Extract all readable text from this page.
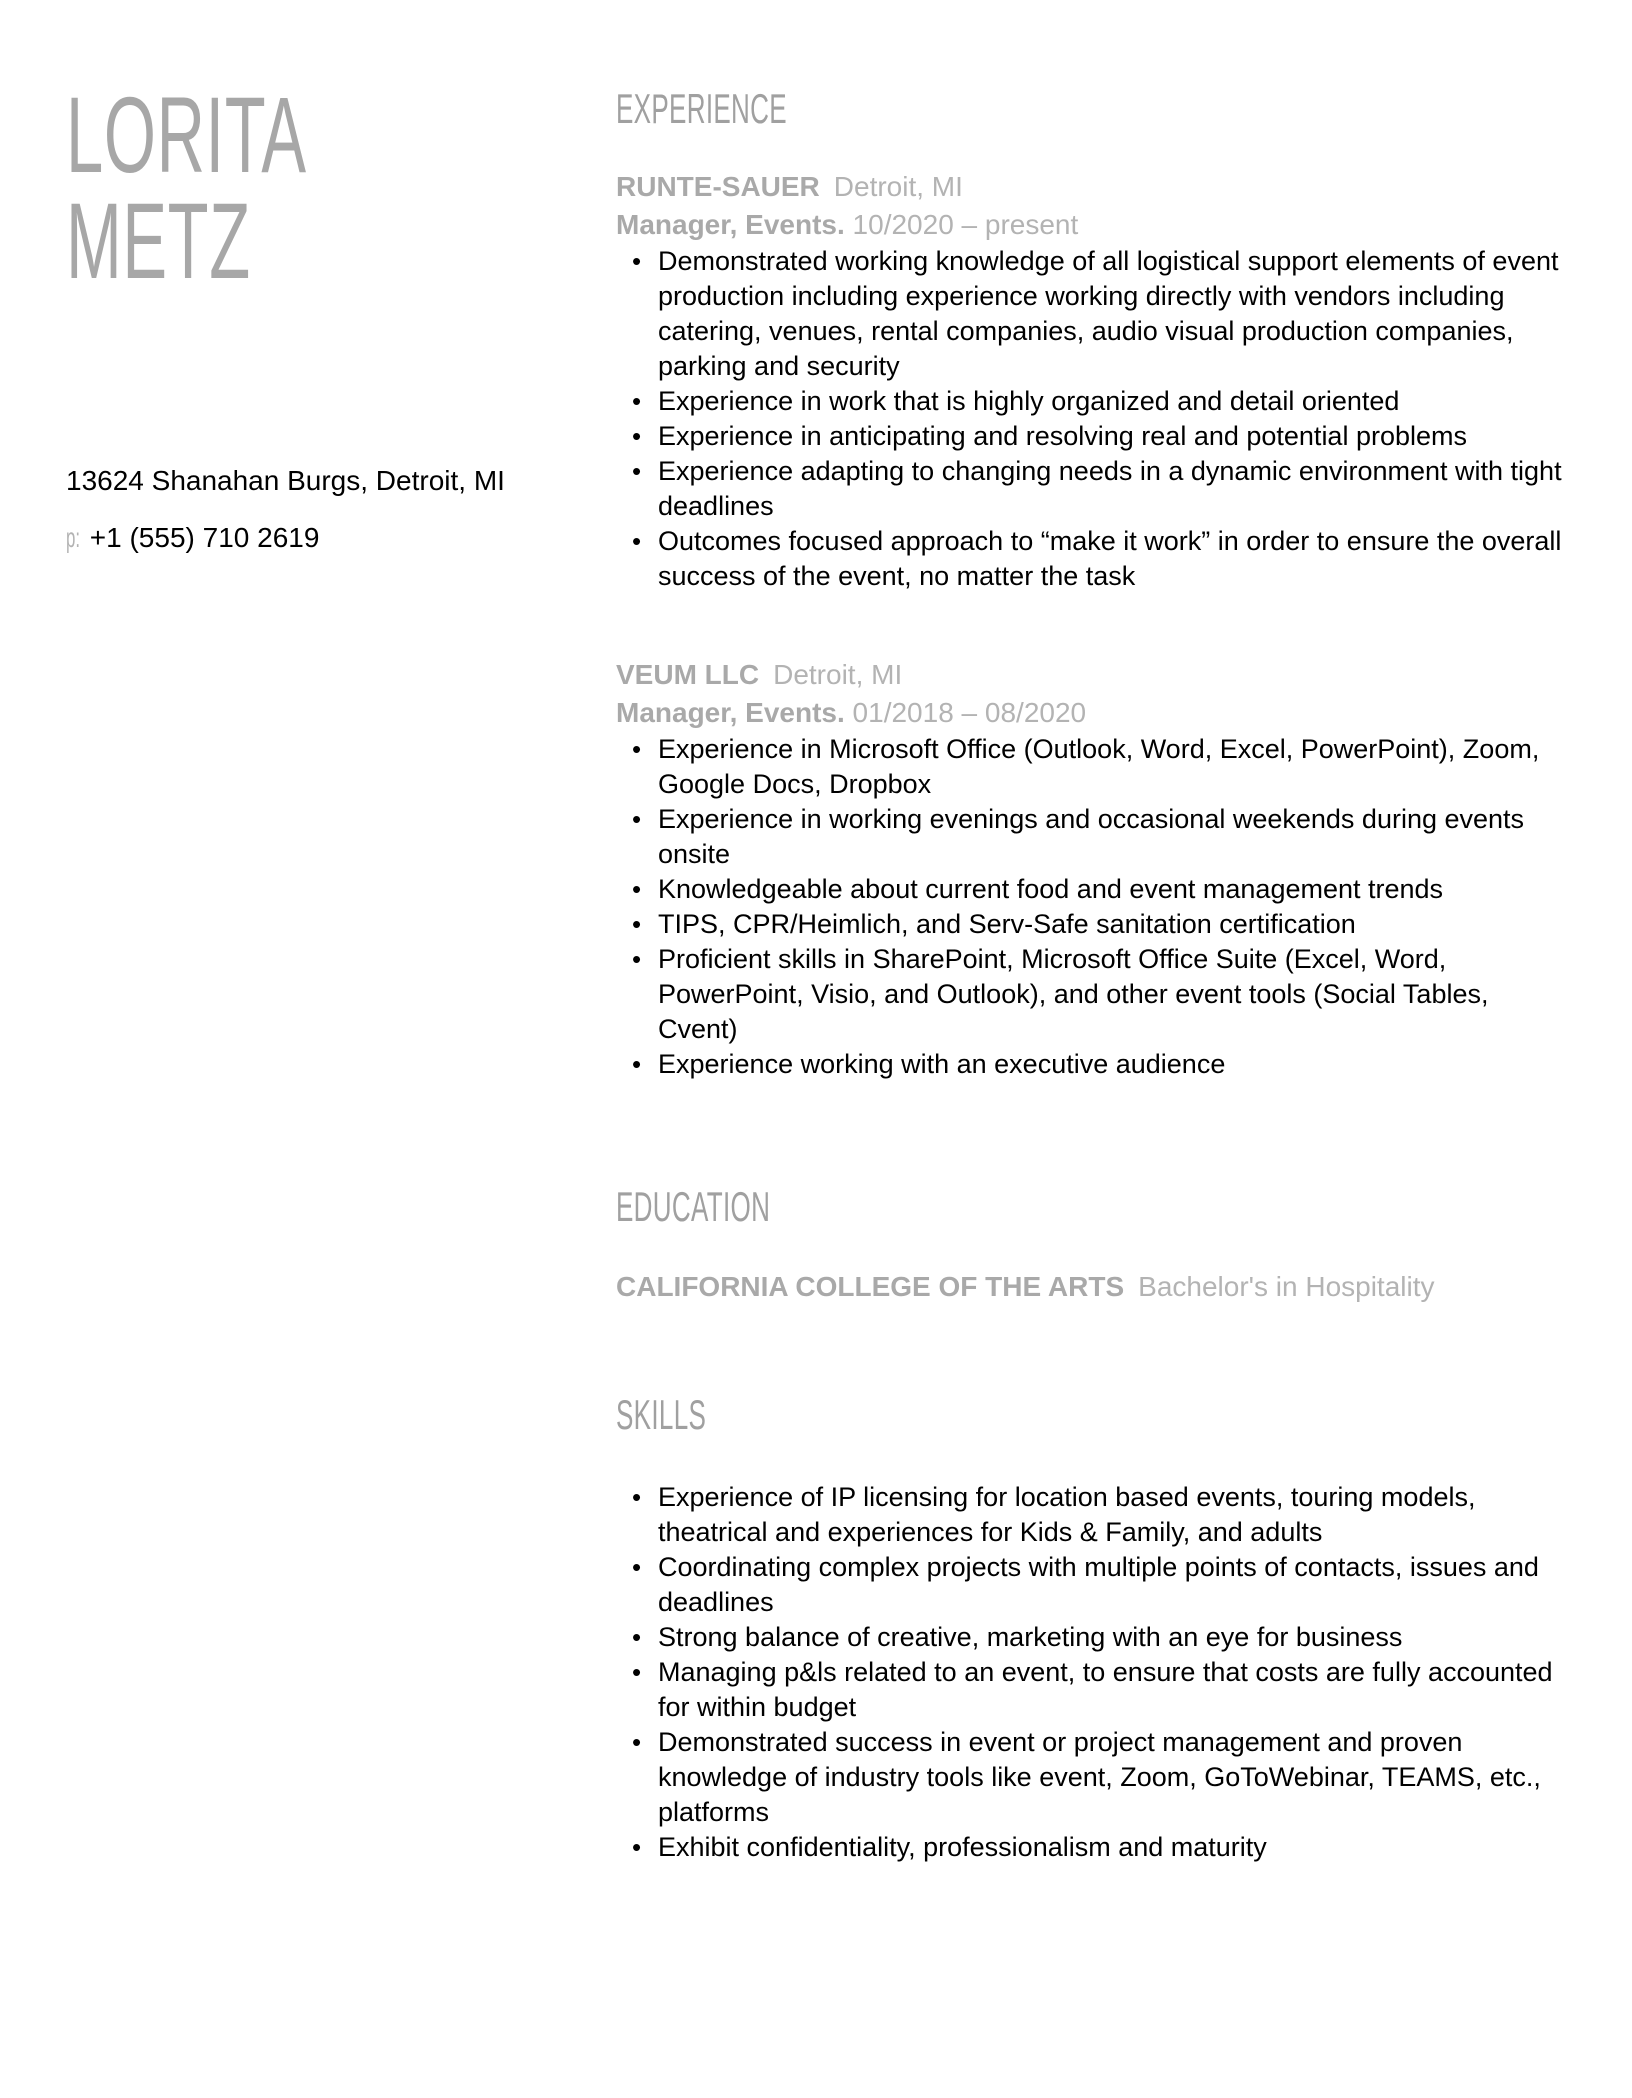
LORITA
METZ
13624 Shanahan Burgs, Detroit, MI
p: +1 (555) 710 2619
EXPERIENCE
RUNTE-SAUER Detroit, MI
Manager, Events. 10/2020 – present
• Demonstrated working knowledge of all logistical support elements of event production including experience working directly with vendors including catering, venues, rental companies, audio visual production companies, parking and security
• Experience in work that is highly organized and detail oriented
• Experience in anticipating and resolving real and potential problems
• Experience adapting to changing needs in a dynamic environment with tight deadlines
• Outcomes focused approach to “make it work” in order to ensure the overall success of the event, no matter the task
VEUM LLC Detroit, MI
Manager, Events. 01/2018 – 08/2020
• Experience in Microsoft Office (Outlook, Word, Excel, PowerPoint), Zoom, Google Docs, Dropbox
• Experience in working evenings and occasional weekends during events onsite
• Knowledgeable about current food and event management trends
• TIPS, CPR/Heimlich, and Serv-Safe sanitation certification
• Proficient skills in SharePoint, Microsoft Office Suite (Excel, Word, PowerPoint, Visio, and Outlook), and other event tools (Social Tables, Cvent)
• Experience working with an executive audience
EDUCATION
CALIFORNIA COLLEGE OF THE ARTS Bachelor's in Hospitality
SKILLS
• Experience of IP licensing for location based events, touring models, theatrical and experiences for Kids & Family, and adults
• Coordinating complex projects with multiple points of contacts, issues and deadlines
• Strong balance of creative, marketing with an eye for business
• Managing p&ls related to an event, to ensure that costs are fully accounted for within budget
• Demonstrated success in event or project management and proven knowledge of industry tools like event, Zoom, GoToWebinar, TEAMS, etc., platforms
• Exhibit confidentiality, professionalism and maturity
